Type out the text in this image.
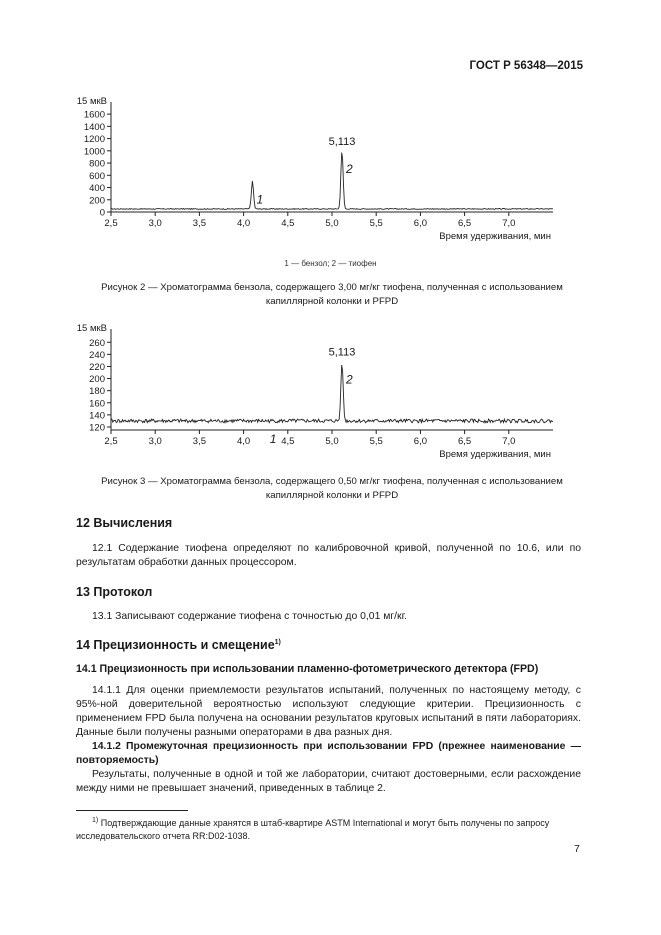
ГОСТ Р 56348—2015
15 мкВ
0
200
400
600
800
1000
1200
1400
1600
2,5	3,0	3,5	4,0	4,5	5,0	5,5	6,0	6,5	7,0
Время удерживания, мин
1
2
5,113
1 — бензол; 2 — тиофен
Рисунок 2 — Хроматограмма бензола, содержащего 3,00 мг/кг тиофена, полученная с использованием капиллярной колонки и PFPD
15 мкВ
120
140
160
180
200
220
240
260
2,5	3,0	3,5	4,0	4,5	5,0	5,5	6,0	6,5	7,0
Время удерживания, мин
1
2
5,113
Рисунок 3 — Хроматограмма бензола, содержащего 0,50 мг/кг тиофена, полученная с использованием капиллярной колонки и PFPD
12 Вычисления
12.1 Содержание тиофена определяют по калибровочной кривой, полученной по 10.6, или по результатам обработки данных процессором.
13 Протокол
13.1 Записывают содержание тиофена с точностью до 0,01 мг/кг.
14 Прецизионность и смещение$^{1)}$
14.1 Прецизионность при использовании пламенно-фотометрического детектора (FPD)
14.1.1 Для оценки приемлемости результатов испытаний, полученных по настоящему методу, с 95%-ной доверительной вероятностью используют следующие критерии. Прецизионность с применением FPD была получена на основании результатов круговых испытаний в пяти лабораториях. Данные были получены разными операторами в два разных дня.
14.1.2 Промежуточная прецизионность при использовании FPD (прежнее наименование — повторяемость)
Результаты, полученные в одной и той же лаборатории, считают достоверными, если расхождение между ними не превышает значений, приведенных в таблице 2.
$^{1)}$ Подтверждающие данные хранятся в штаб-квартире ASTM International и могут быть получены по запросу исследовательского отчета RR:D02-1038.
7
